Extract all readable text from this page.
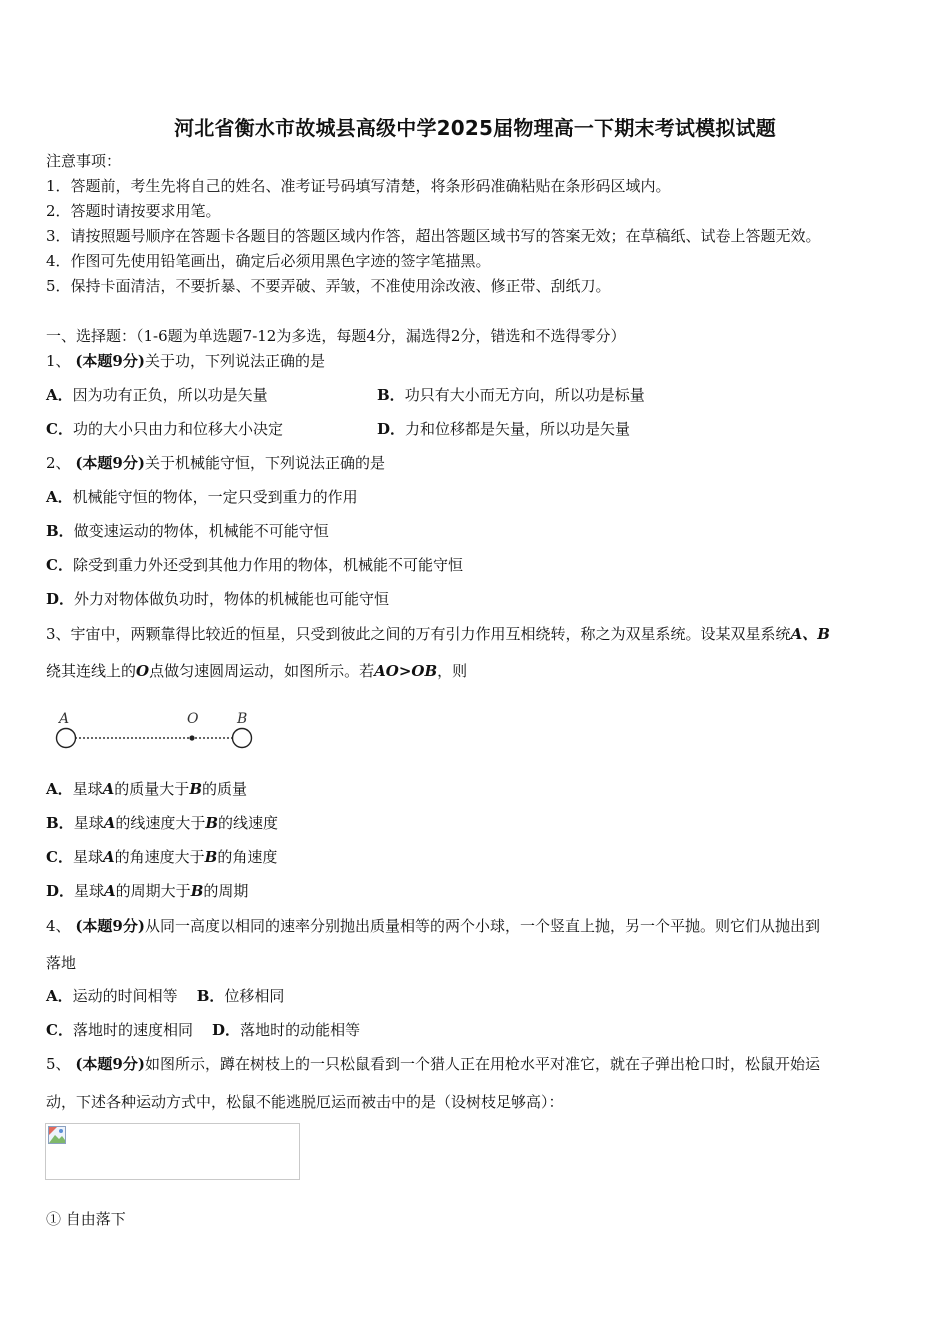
河北省衡水市故城县高级中学2025届物理高一下期末考试模拟试题
注意事项：
1．答题前，考生先将自己的姓名、准考证号码填写清楚，将条形码准确粘贴在条形码区域内。
2．答题时请按要求用笔。
3．请按照题号顺序在答题卡各题目的答题区域内作答，超出答题区域书写的答案无效；在草稿纸、试卷上答题无效。
4．作图可先使用铅笔画出，确定后必须用黑色字迹的签字笔描黑。
5．保持卡面清洁，不要折暴、不要弄破、弄皱，不准使用涂改液、修正带、刮纸刀。
一、选择题：（1-6题为单选题7-12为多选，每题4分，漏选得2分，错选和不选得零分）
1、 (本题9分)关于功，下列说法正确的是
A．因为功有正负，所以功是矢量	B．功只有大小而无方向，所以功是标量
C．功的大小只由力和位移大小决定	D．力和位移都是矢量，所以功是矢量
2、 (本题9分)关于机械能守恒，下列说法正确的是
A．机械能守恒的物体，一定只受到重力的作用
B．做变速运动的物体，机械能不可能守恒
C．除受到重力外还受到其他力作用的物体，机械能不可能守恒
D．外力对物体做负功时，物体的机械能也可能守恒
3、宇宙中，两颗靠得比较近的恒星，只受到彼此之间的万有引力作用互相绕转，称之为双星系统。设某双星系统A、B
绕其连线上的O点做匀速圆周运动，如图所示。若AO>OB，则
A	O	B
A．星球A的质量大于B的质量
B．星球A的线速度大于B的线速度
C．星球A的角速度大于B的角速度
D．星球A的周期大于B的周期
4、 (本题9分)从同一高度以相同的速率分别抛出质量相等的两个小球，一个竖直上抛，另一个平抛。则它们从抛出到
落地
A．运动的时间相等 B．位移相同
C．落地时的速度相同 D．落地时的动能相等
5、 (本题9分)如图所示，蹲在树枝上的一只松鼠看到一个猎人正在用枪水平对准它，就在子弹出枪口时，松鼠开始运
动，下述各种运动方式中，松鼠不能逃脱厄运而被击中的是（设树枝足够高）：
① 自由落下
